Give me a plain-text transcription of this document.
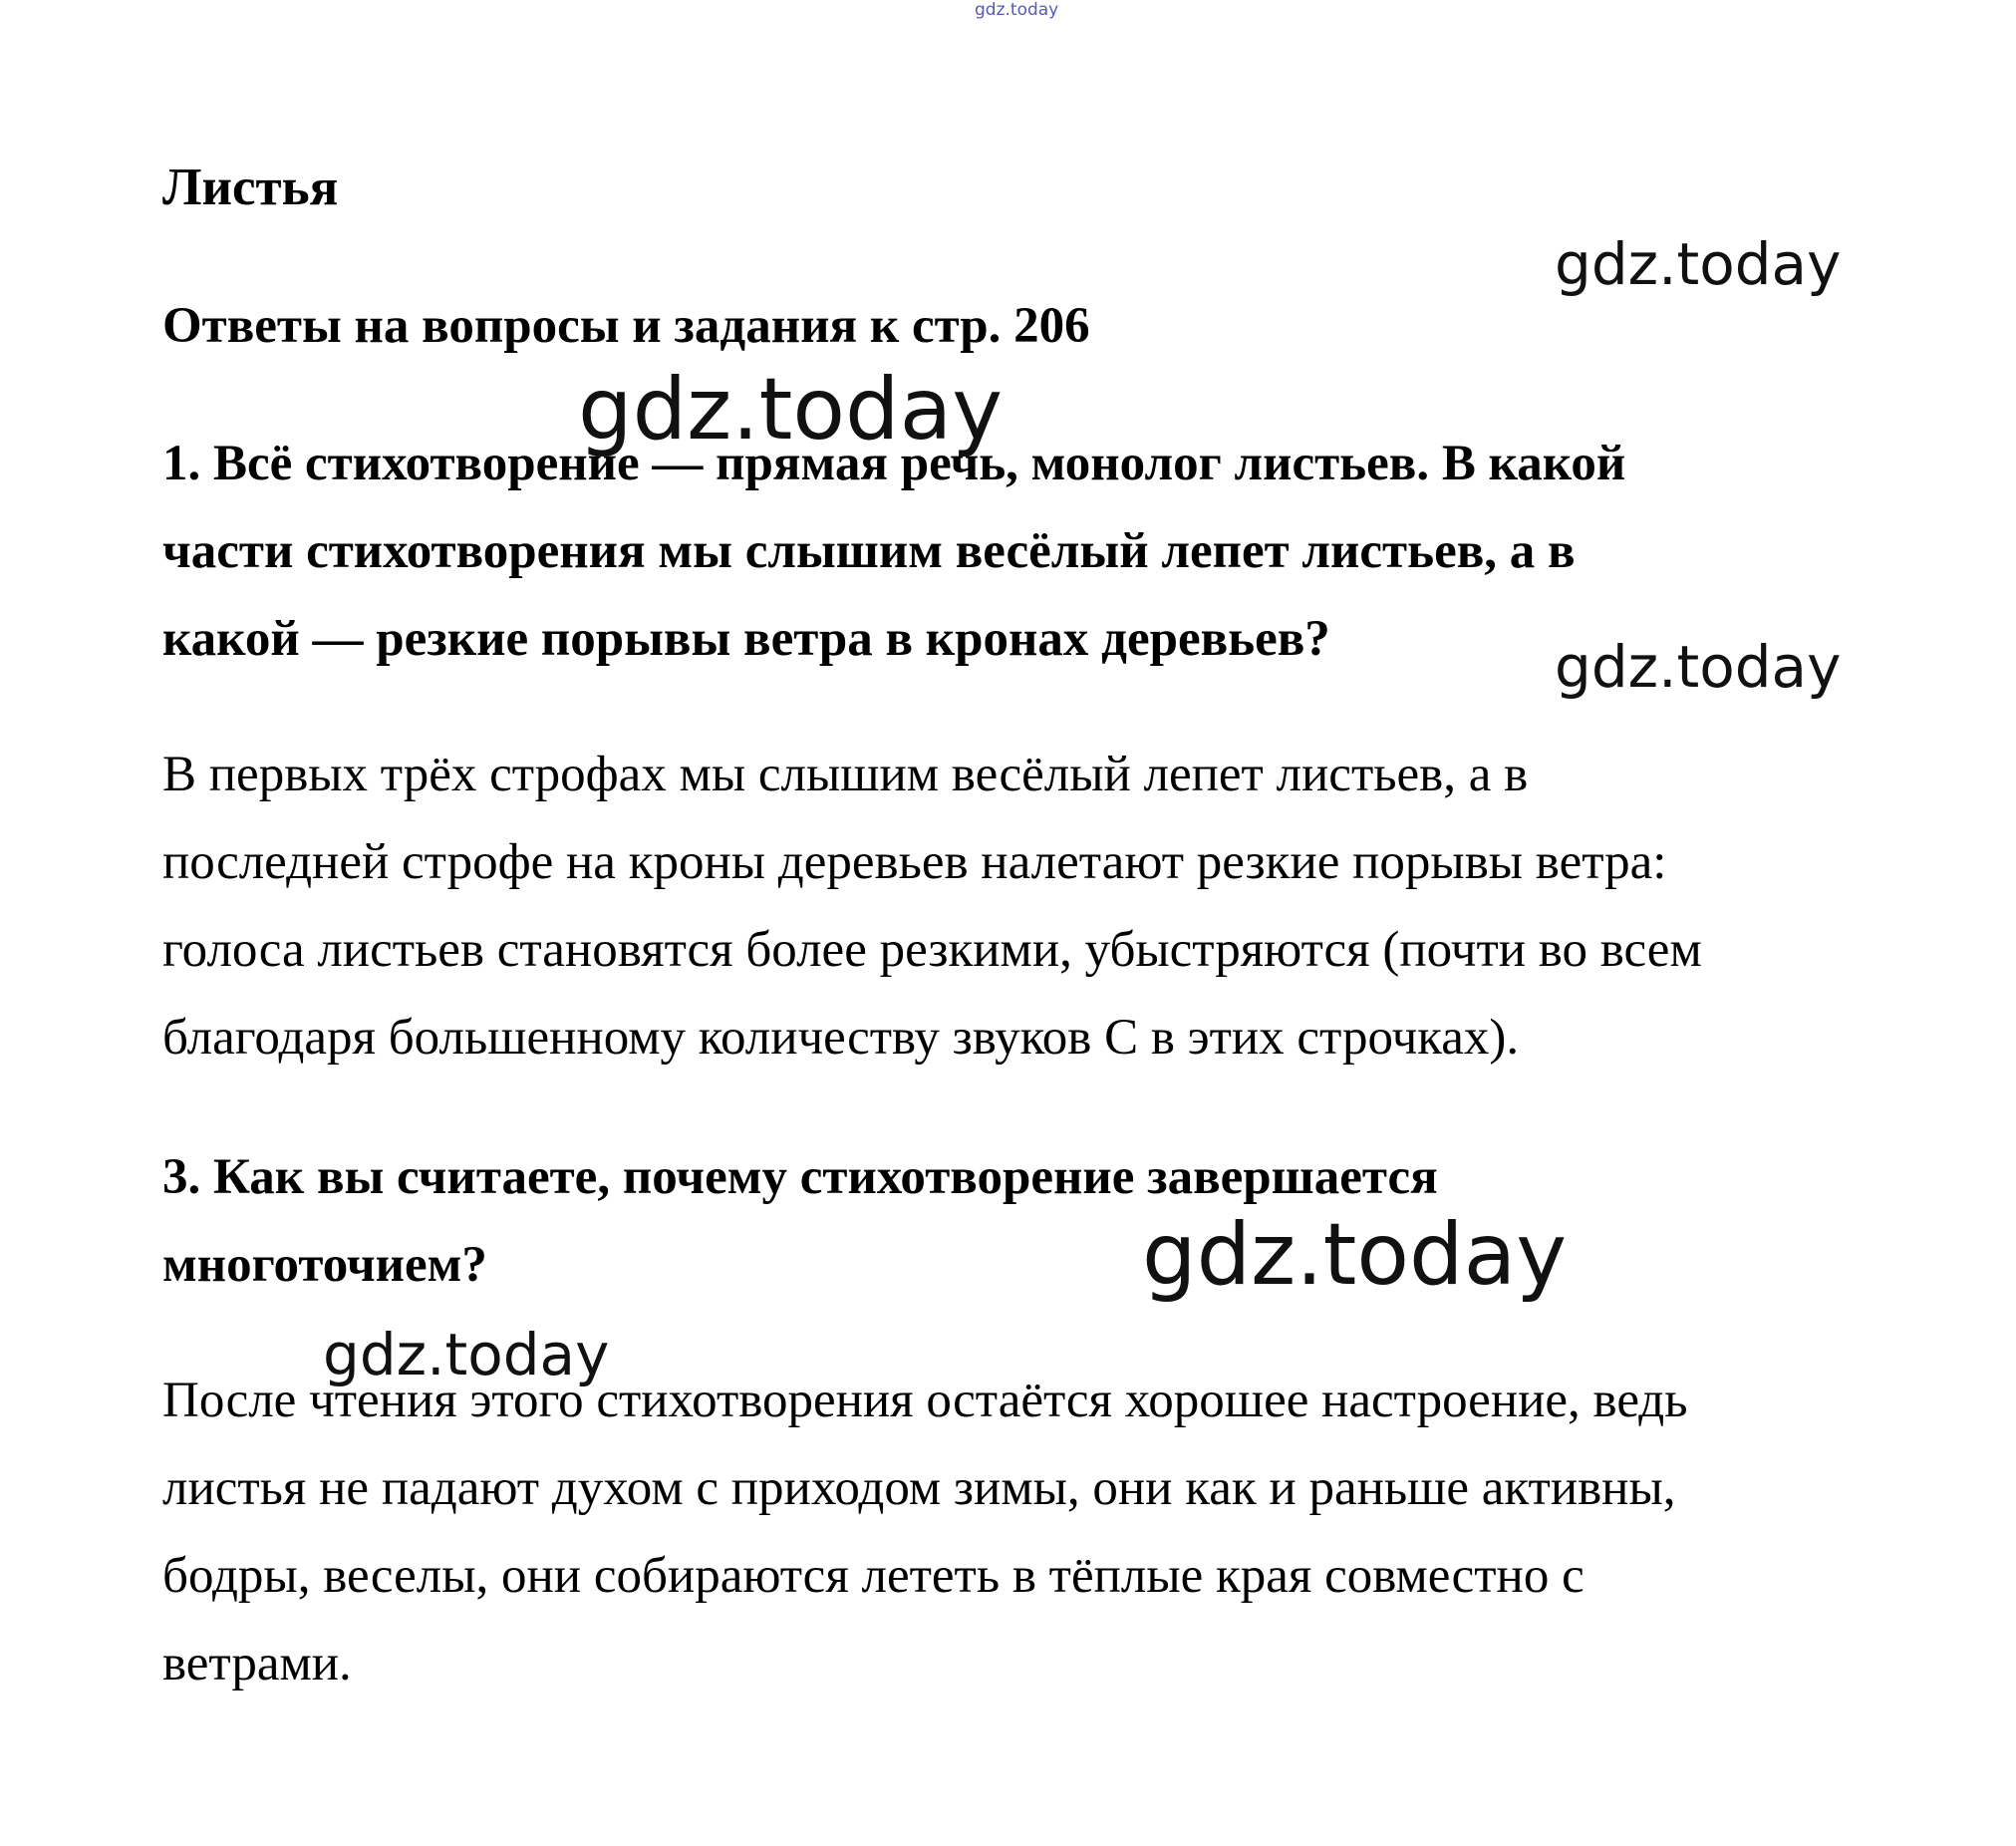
gdz.today
Листья
Ответы на вопросы и задания к стр. 206
1. Всё стихотворение — прямая речь, монолог листьев. В какой
части стихотворения мы слышим весёлый лепет листьев, а в
какой — резкие порывы ветра в кронах деревьев?
В первых трёх строфах мы слышим весёлый лепет листьев, а в
последней строфе на кроны деревьев налетают резкие порывы ветра:
голоса листьев становятся более резкими, убыстряются (почти во всем
благодаря большенному количеству звуков С в этих строчках).
3. Как вы считаете, почему стихотворение завершается
многоточием?
После чтения этого стихотворения остаётся хорошее настроение, ведь
листья не падают духом с приходом зимы, они как и раньше активны,
бодры, веселы, они собираются лететь в тёплые края совместно с
ветрами.
gdz.today
gdz.today
gdz.today
gdz.today
gdz.today
